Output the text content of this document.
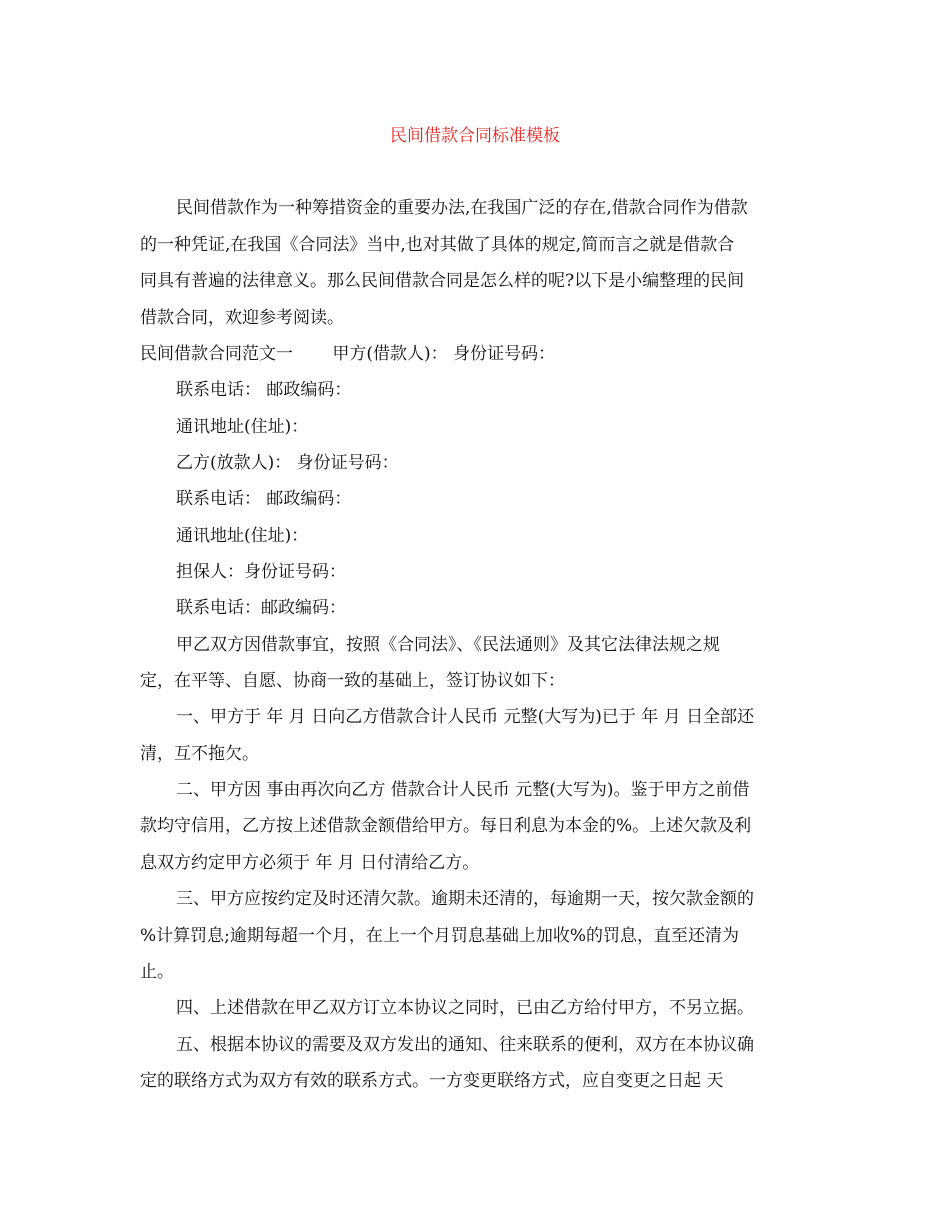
民间借款合同标准模板
民间借款作为一种筹措资金的重要办法,在我国广泛的存在,借款合同作为借款
的一种凭证,在我国《合同法》当中,也对其做了具体的规定,简而言之就是借款合
同具有普遍的法律意义。那么民间借款合同是怎么样的呢?以下是小编整理的民间
借款合同，欢迎参考阅读。
民间借款合同范文一　　 甲方(借款人)： 身份证号码：
联系电话： 邮政编码：
通讯地址(住址)：
乙方(放款人)： 身份证号码：
联系电话： 邮政编码：
通讯地址(住址)：
担保人：身份证号码：
联系电话：邮政编码：
甲乙双方因借款事宜，按照《合同法》、《民法通则》及其它法律法规之规
定，在平等、自愿、协商一致的基础上，签订协议如下：
一、甲方于 年 月 日向乙方借款合计人民币 元整(大写为)已于 年 月 日全部还
清，互不拖欠。
二、甲方因 事由再次向乙方 借款合计人民币 元整(大写为)。鉴于甲方之前借
款均守信用，乙方按上述借款金额借给甲方。每日利息为本金的%。上述欠款及利
息双方约定甲方必须于 年 月 日付清给乙方。
三、甲方应按约定及时还清欠款。逾期未还清的，每逾期一天，按欠款金额的
%计算罚息;逾期每超一个月，在上一个月罚息基础上加收%的罚息，直至还清为
止。
四、上述借款在甲乙双方订立本协议之同时，已由乙方给付甲方，不另立据。
五、根据本协议的需要及双方发出的通知、往来联系的便利，双方在本协议确
定的联络方式为双方有效的联系方式。一方变更联络方式，应自变更之日起 天
